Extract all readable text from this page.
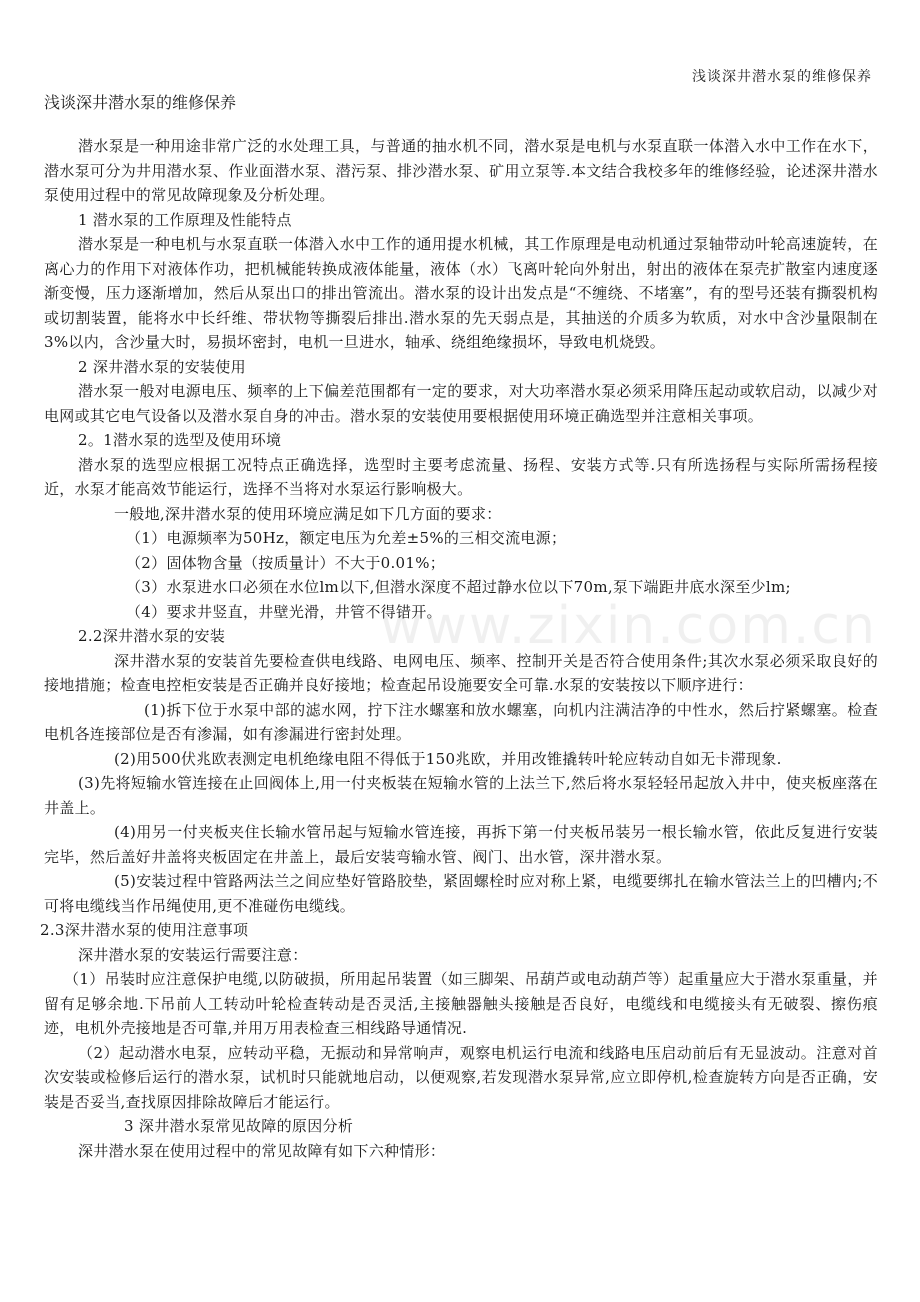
浅谈深井潜水泵的维修保养
浅谈深井潜水泵的维修保养
www.zixin.com.cn

潜水泵是一种用途非常广泛的水处理工具，与普通的抽水机不同，潜水泵是电机与水泵直联一体潜入水中工作在水下，潜水泵可分为井用潜水泵、作业面潜水泵、潜污泵、排沙潜水泵、矿用立泵等.本文结合我校多年的维修经验，论述深井潜水泵使用过程中的常见故障现象及分析处理。

1 潜水泵的工作原理及性能特点

潜水泵是一种电机与水泵直联一体潜入水中工作的通用提水机械，其工作原理是电动机通过泵轴带动叶轮高速旋转，在离心力的作用下对液体作功，把机械能转换成液体能量，液体（水）飞离叶轮向外射出，射出的液体在泵壳扩散室内速度逐渐变慢，压力逐渐增加，然后从泵出口的排出管流出。潜水泵的设计出发点是“不缠绕、不堵塞”，有的型号还装有撕裂机构或切割装置，能将水中长纤维、带状物等撕裂后排出.潜水泵的先天弱点是，其抽送的介质多为软质，对水中含沙量限制在3%以内，含沙量大时，易损坏密封，电机一旦进水，轴承、绕组绝缘损坏，导致电机烧毁。

2 深井潜水泵的安装使用

潜水泵一般对电源电压、频率的上下偏差范围都有一定的要求，对大功率潜水泵必须采用降压起动或软启动，以减少对电网或其它电气设备以及潜水泵自身的冲击。潜水泵的安装使用要根据使用环境正确选型并注意相关事项。

2。1潜水泵的选型及使用环境

潜水泵的选型应根据工况特点正确选择，选型时主要考虑流量、扬程、安装方式等.只有所选扬程与实际所需扬程接近，水泵才能高效节能运行，选择不当将对水泵运行影响极大。

一般地,深井潜水泵的使用环境应满足如下几方面的要求：

（1）电源频率为50Hz，额定电压为允差±5%的三相交流电源；

（2）固体物含量（按质量计）不大于0.01%；

（3）水泵进水口必须在水位lm以下,但潜水深度不超过静水位以下70m,泵下端距井底水深至少lm;

（4）要求井竖直，井壁光滑，井管不得错开。

2.2深井潜水泵的安装

深井潜水泵的安装首先要检查供电线路、电网电压、频率、控制开关是否符合使用条件;其次水泵必须采取良好的接地措施；检查电控柜安装是否正确并良好接地；检查起吊设施要安全可靠.水泵的安装按以下顺序进行：

(1)拆下位于水泵中部的滤水网，拧下注水螺塞和放水螺塞，向机内注满洁净的中性水，然后拧紧螺塞。检查电机各连接部位是否有渗漏，如有渗漏进行密封处理。

(2)用500伏兆欧表测定电机绝缘电阻不得低于150兆欧，并用改锥撬转叶轮应转动自如无卡滞现象.

(3)先将短输水管连接在止回阀体上,用一付夹板装在短输水管的上法兰下,然后将水泵轻轻吊起放入井中，使夹板座落在井盖上。

(4)用另一付夹板夹住长输水管吊起与短输水管连接，再拆下第一付夹板吊装另一根长输水管，依此反复进行安装完毕，然后盖好井盖将夹板固定在井盖上，最后安装弯输水管、阀门、出水管，深井潜水泵。

(5)安装过程中管路两法兰之间应垫好管路胶垫，紧固螺栓时应对称上紧，电缆要绑扎在输水管法兰上的凹槽内;不可将电缆线当作吊绳使用,更不准碰伤电缆线。

2.3深井潜水泵的使用注意事项

深井潜水泵的安装运行需要注意：

（1）吊装时应注意保护电缆,以防破损，所用起吊装置（如三脚架、吊葫芦或电动葫芦等）起重量应大于潜水泵重量，并留有足够余地.下吊前人工转动叶轮检查转动是否灵活,主接触器触头接触是否良好，电缆线和电缆接头有无破裂、擦伤痕迹，电机外壳接地是否可靠,并用万用表检查三相线路导通情况.

（2）起动潜水电泵，应转动平稳，无振动和异常响声，观察电机运行电流和线路电压启动前后有无显波动。注意对首次安装或检修后运行的潜水泵，试机时只能就地启动，以便观察,若发现潜水泵异常,应立即停机,检查旋转方向是否正确，安装是否妥当,查找原因排除故障后才能运行。

3 深井潜水泵常见故障的原因分析

深井潜水泵在使用过程中的常见故障有如下六种情形：
